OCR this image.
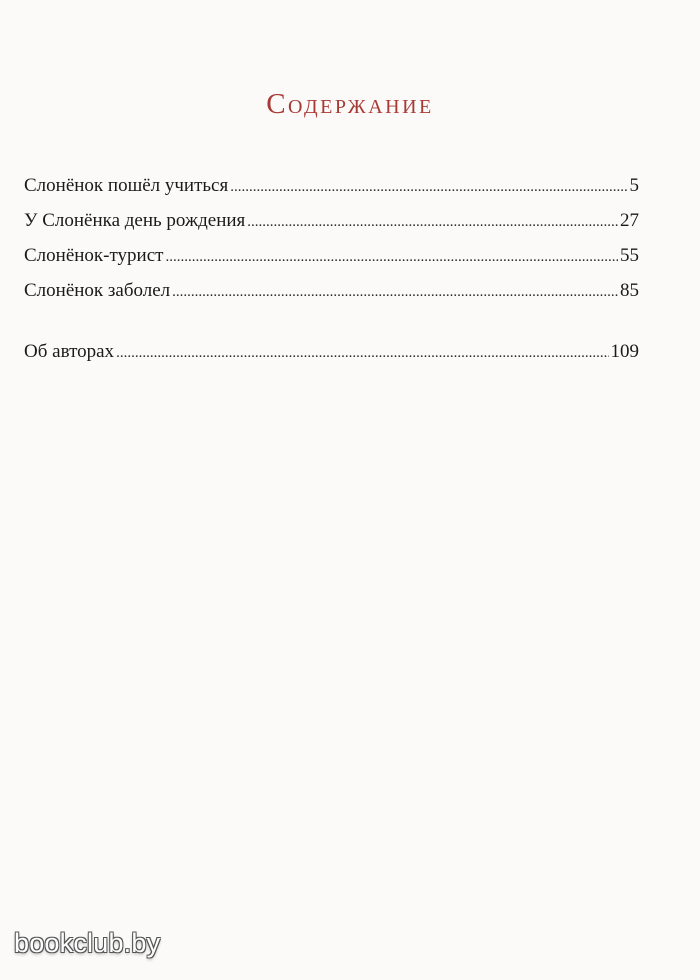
Содержание
Слонёнок пошёл учиться .....	5
У Слонёнка день рождения .....	27
Слонёнок-турист .....	55
Слонёнок заболел .....	85
Об авторах .....	109
bookclub.by
